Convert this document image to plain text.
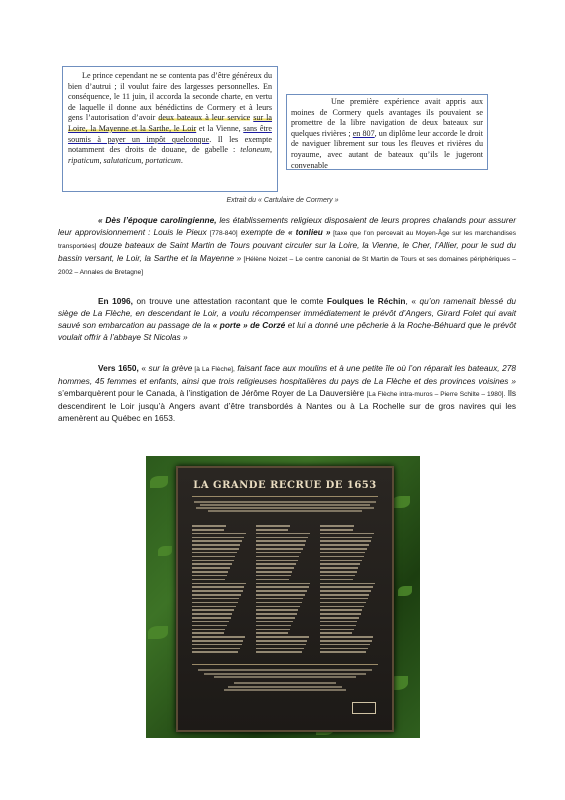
Le prince cependant ne se contenta pas d’être généreux du bien d’autrui ; il voulut faire des largesses personnelles. En conséquence, le 11 juin, il accorda la seconde charte, en vertu de laquelle il donne aux bénédictins de Cormery et à leurs gens l’autorisation d’avoir deux bateaux à leur service sur la Loire, la Mayenne et la Sarthe, le Loir et la Vienne, sans être soumis à payer un impôt quelconque. Il les exempte notamment des droits de douane, de gabelle : teloneum, ripaticum, salutaticum, portaticum.

Une première expérience avait appris aux moines de Cormery quels avantages ils pouvaient se promettre de la libre navigation de deux bateaux sur quelques rivières ; en 807, un diplôme leur accorde le droit de naviguer librement sur tous les fleuves et rivières du royaume, avec autant de bateaux qu’ils le jugeront convenable

Extrait du « Cartulaire de Cormery »
« Dès l’époque carolingienne, les établissements religieux disposaient de leurs propres chalands pour assurer leur approvisionnement : Louis le Pieux [778-840] exempte de « tonlieu » [taxe que l’on percevait au Moyen-Âge sur les marchandises transportées] douze bateaux de Saint Martin de Tours pouvant circuler sur la Loire, la Vienne, le Cher, l’Allier, pour le sud du bassin versant, le Loir, la Sarthe et la Mayenne » [Hélène Noizet – Le centre canonial de St Martin de Tours et ses domaines périphériques – 2002 – Annales de Bretagne]
En 1096, on trouve une attestation racontant que le comte Foulques le Réchin, « qu’on ramenait blessé du siège de La Flèche, en descendant le Loir, a voulu récompenser immédiatement le prévôt d’Angers, Girard Folet qui avait sauvé son embarcation au passage de la « porte » de Corzé et lui a donné une pêcherie à la Roche-Béhuard que le prévôt voulait offrir à l’abbaye St Nicolas »
Vers 1650, « sur la grève [à La Flèche], faisant face aux moulins et à une petite île où l’on réparait les bateaux, 278 hommes, 45 femmes et enfants, ainsi que trois religieuses hospitalières du pays de La Flèche et des provinces voisines » s’embarquèrent pour le Canada, à l’instigation de Jérôme Royer de La Dauversière [La Flèche intra-muros – Pierre Schilte – 1980]. Ils descendirent le Loir jusqu’à Angers avant d’être transbordés à Nantes ou à La Rochelle sur de gros navires qui les amenèrent au Québec en 1653.
LA GRANDE RECRUE DE 1653
